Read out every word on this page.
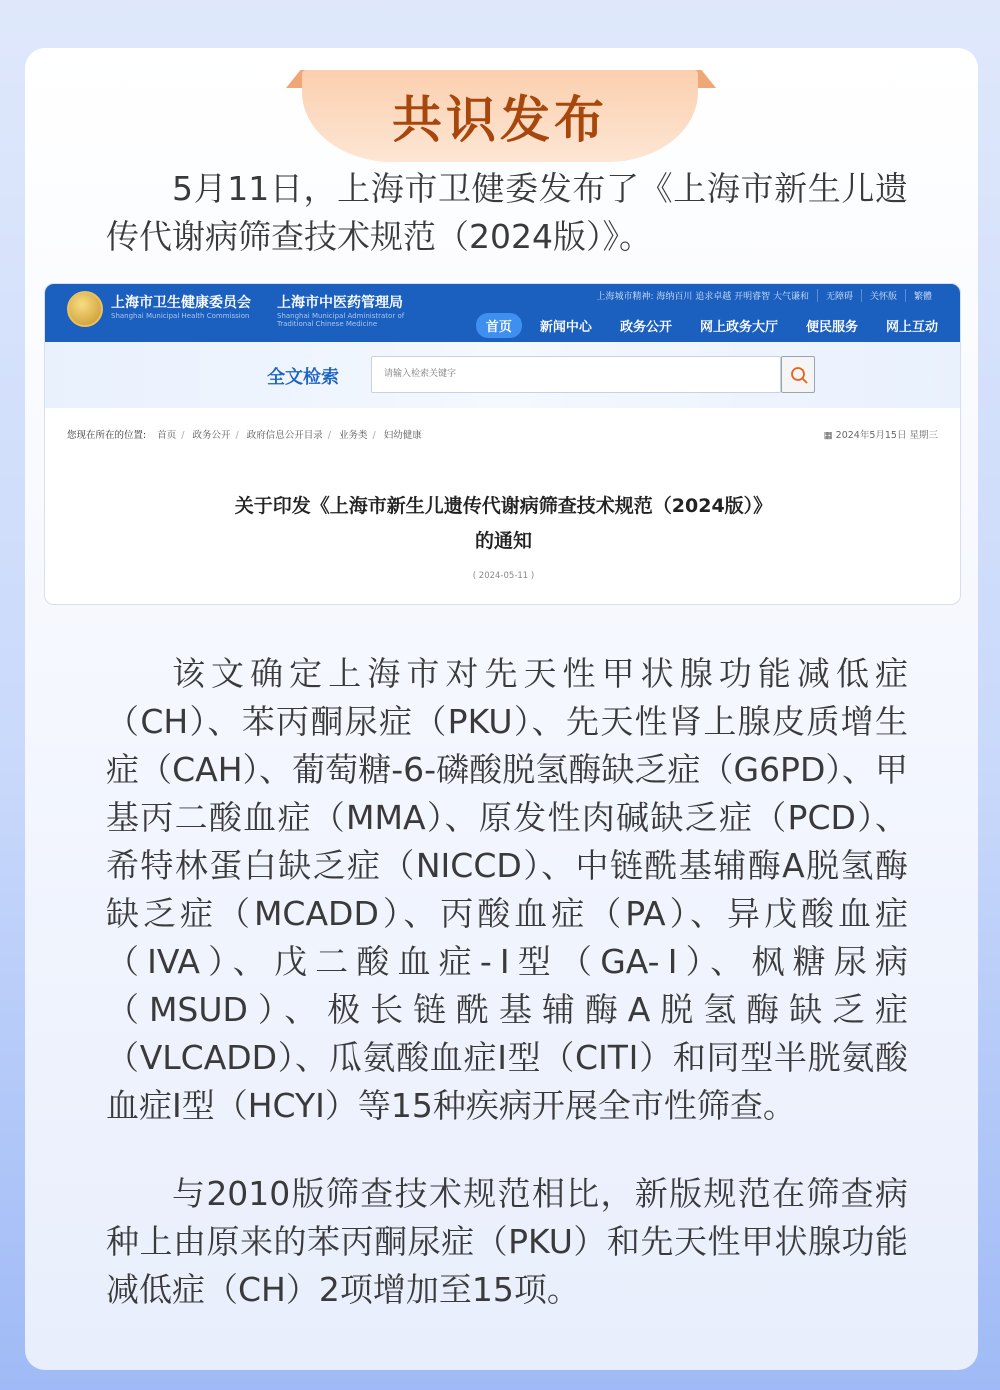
共识发布

5月11日，上海市卫健委发布了《上海市新生儿遗传代谢病筛查技术规范（2024版）》。

上海市卫生健康委员会
Shanghai Municipal Health Commission
上海市中医药管理局
Shanghai Municipal Administrator of Traditional Chinese Medicine
上海城市精神: 海纳百川 追求卓越 开明睿智 大气谦和	无障碍	关怀版	繁體
首页	新闻中心	政务公开	网上政务大厅	便民服务	网上互动
全文检索	请输入检索关键字
您现在所在的位置: 首页 / 政务公开 / 政府信息公开目录 / 业务类 / 妇幼健康	▦ 2024年5月15日 星期三
关于印发《上海市新生儿遗传代谢病筛查技术规范（2024版）》
的通知
( 2024-05-11 )

该文确定上海市对先天性甲状腺功能减低症（CH）、苯丙酮尿症（PKU）、先天性肾上腺皮质增生症（CAH）、葡萄糖-6-磷酸脱氢酶缺乏症（G6PD）、甲基丙二酸血症（MMA）、原发性肉碱缺乏症（PCD）、希特林蛋白缺乏症（NICCD）、中链酰基辅酶A脱氢酶缺乏症（MCADD）、丙酸血症（PA）、异戊酸血症（IVA）、戊二酸血症-Ⅰ型（GA-Ⅰ）、枫糖尿病（MSUD）、极长链酰基辅酶A脱氢酶缺乏症（VLCADD）、瓜氨酸血症Ⅰ型（CITⅠ）和同型半胱氨酸血症Ⅰ型（HCYⅠ）等15种疾病开展全市性筛查。

与2010版筛查技术规范相比，新版规范在筛查病种上由原来的苯丙酮尿症（PKU）和先天性甲状腺功能减低症（CH）2项增加至15项。
